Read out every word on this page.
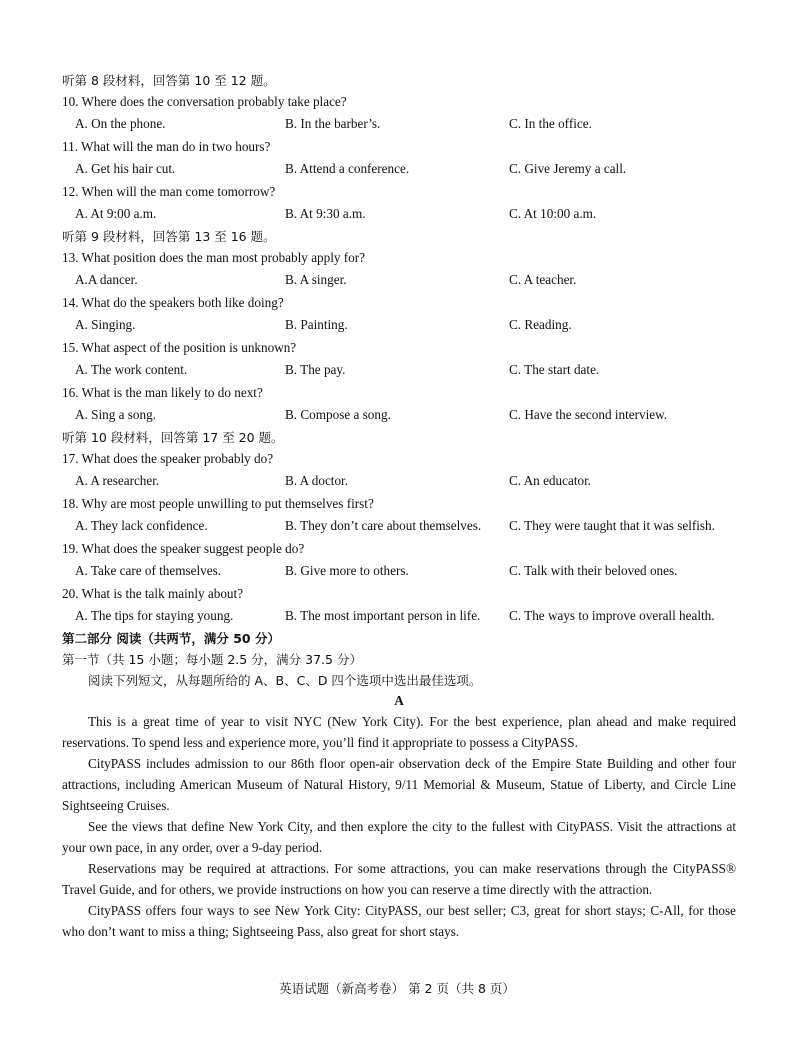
听第 8 段材料，回答第 10 至 12 题。
10. Where does the conversation probably take place?
A. On the phone.	B. In the barber’s.	C. In the office.
11. What will the man do in two hours?
A. Get his hair cut.	B. Attend a conference.	C. Give Jeremy a call.
12. When will the man come tomorrow?
A. At 9:00 a.m.	B. At 9:30 a.m.	C. At 10:00 a.m.
听第 9 段材料，回答第 13 至 16 题。
13. What position does the man most probably apply for?
A.A dancer.	B. A singer.	C. A teacher.
14. What do the speakers both like doing?
A. Singing.	B. Painting.	C. Reading.
15. What aspect of the position is unknown?
A. The work content.	B. The pay.	C. The start date.
16. What is the man likely to do next?
A. Sing a song.	B. Compose a song.	C. Have the second interview.
听第 10 段材料，回答第 17 至 20 题。
17. What does the speaker probably do?
A. A researcher.	B. A doctor.	C. An educator.
18. Why are most people unwilling to put themselves first?
A. They lack confidence.	B. They don’t care about themselves. C. They were taught that it was selfish.
19. What does the speaker suggest people do?
A. Take care of themselves.	B. Give more to others.	C. Talk with their beloved ones.
20. What is the talk mainly about?
A. The tips for staying young.	B. The most important person in life. C. The ways to improve overall health.
第二部分 阅读（共两节，满分 50 分）
第一节（共 15 小题；每小题 2.5 分，满分 37.5 分）
阅读下列短文，从每题所给的 A、B、C、D 四个选项中选出最佳选项。
A

This is a great time of year to visit NYC (New York City). For the best experience, plan ahead and make required reservations. To spend less and experience more, you’ll find it appropriate to possess a CityPASS.

CityPASS includes admission to our 86th floor open-air observation deck of the Empire State Building and other four attractions, including American Museum of Natural History, 9/11 Memorial & Museum, Statue of Liberty, and Circle Line Sightseeing Cruises.

See the views that define New York City, and then explore the city to the fullest with CityPASS. Visit the attractions at your own pace, in any order, over a 9-day period.

Reservations may be required at attractions. For some attractions, you can make reservations through the CityPASS® Travel Guide, and for others, we provide instructions on how you can reserve a time directly with the attraction.

CityPASS offers four ways to see New York City: CityPASS, our best seller; C3, great for short stays; C-All, for those who don’t want to miss a thing; Sightseeing Pass, also great for short stays.

英语试题（新高考卷） 第 2 页（共 8 页）
